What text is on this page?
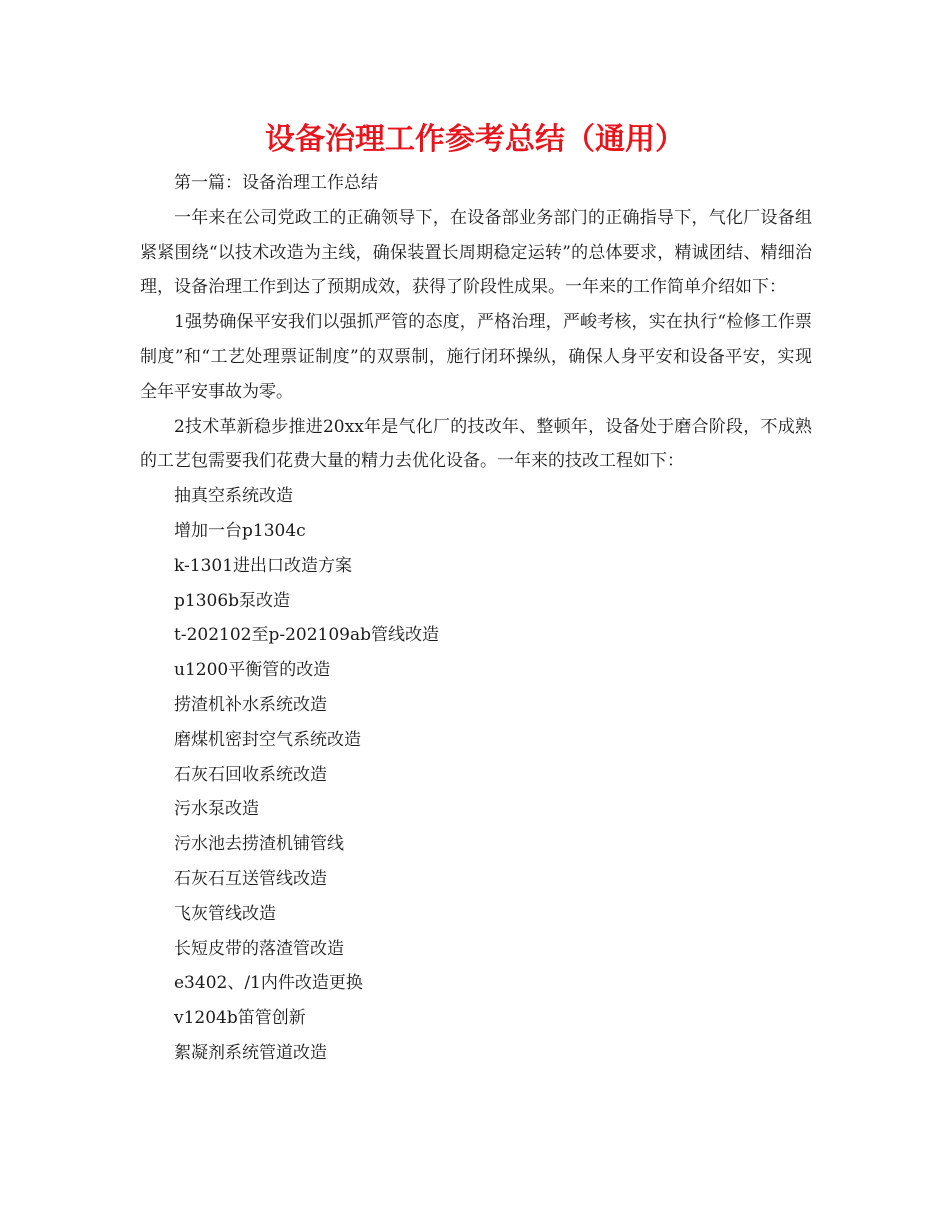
设备治理工作参考总结（通用）

第一篇：设备治理工作总结

一年来在公司党政工的正确领导下，在设备部业务部门的正确指导下，气化厂设备组紧紧围绕“以技术改造为主线，确保装置长周期稳定运转”的总体要求，精诚团结、精细治理，设备治理工作到达了预期成效，获得了阶段性成果。一年来的工作简单介绍如下：

1强势确保平安我们以强抓严管的态度，严格治理，严峻考核，实在执行“检修工作票制度”和“工艺处理票证制度”的双票制，施行闭环操纵，确保人身平安和设备平安，实现全年平安事故为零。

2技术革新稳步推进20xx年是气化厂的技改年、整顿年，设备处于磨合阶段，不成熟的工艺包需要我们花费大量的精力去优化设备。一年来的技改工程如下：

抽真空系统改造

增加一台p1304c

k-1301进出口改造方案

p1306b泵改造

t-202102至p-202109ab管线改造

u1200平衡管的改造

捞渣机补水系统改造

磨煤机密封空气系统改造

石灰石回收系统改造

污水泵改造

污水池去捞渣机铺管线

石灰石互送管线改造

飞灰管线改造

长短皮带的落渣管改造

e3402、/1内件改造更换

v1204b笛管创新

絮凝剂系统管道改造
